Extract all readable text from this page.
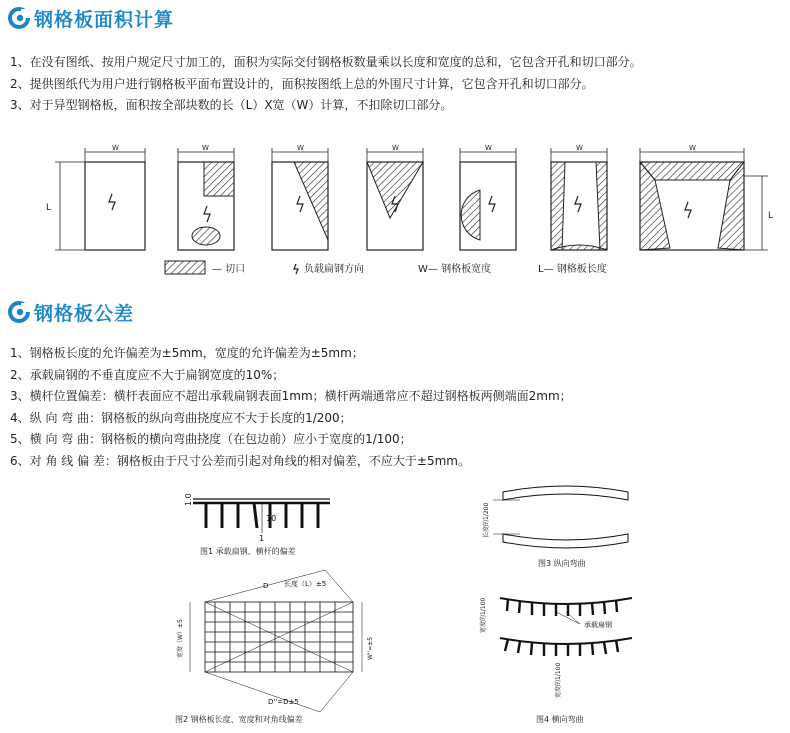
钢格板面积计算
1、在没有图纸、按用户规定尺寸加工的，面积为实际交付钢格板数量乘以长度和宽度的总和，它包含开孔和切口部分。
2、提供图纸代为用户进行钢格板平面布置设计的，面积按图纸上总的外围尺寸计算，它包含开孔和切口部分。
3、对于异型钢格板，面积按全部块数的长（L）X宽（W）计算，不扣除切口部分。
W	W	W	W	W	W	W
L
L
— 切口	负载扁钢方向	W— 钢格板宽度	L— 钢格板长度
钢格板公差
1、钢格板长度的允许偏差为±5mm，宽度的允许偏差为±5mm；
2、承载扁钢的不垂直度应不大于扁钢宽度的10%；
3、横杆位置偏差：横杆表面应不超出承载扁钢表面1mm；横杆两端通常应不超过钢格板两侧端面2mm；
4、纵 向 弯 曲：钢格板的纵向弯曲挠度应不大于长度的1/200；
5、横 向 弯 曲：钢格板的横向弯曲挠度（在包边前）应小于宽度的1/100；
6、对 角 线 偏 差：钢格板由于尺寸公差而引起对角线的相对偏差，不应大于±5mm。
1.0
10
1
图1 承载扁钢、横杆的偏差
长度（L）±5
D
宽度（W）±5	W''=±5
D''=D±5
图2 钢格板长度、宽度和对角线偏差
长度的1/200
图3 纵向弯曲
宽度的1/100	承载扁钢
宽度的1/100
图4 横向弯曲
